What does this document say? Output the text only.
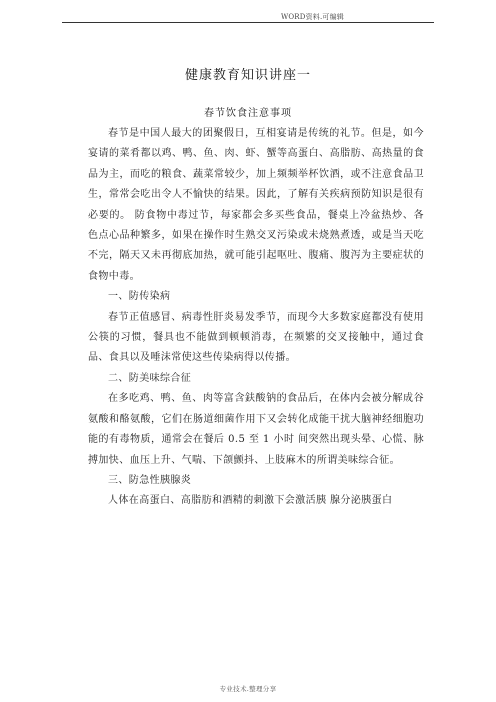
WORD资料.可编辑
健康教育知识讲座一
春节饮食注意事项

春节是中国人最大的团聚假日，互相宴请是传统的礼节。但是，如今宴请的菜肴都以鸡、鸭、鱼、肉、虾、蟹等高蛋白、高脂肪、高热量的食品为主，而吃的粮食、蔬菜常较少，加上频频举杯饮酒，或不注意食品卫生，常常会吃出令人不愉快的结果。因此，了解有关疾病预防知识是很有必要的。 防食物中毒过节，每家都会多买些食品，餐桌上冷盆热炒、各色点心品种繁多，如果在操作时生熟交叉污染或未烧熟煮透，或是当天吃不完，隔天又未再彻底加热，就可能引起呕吐、腹痛、腹泻为主要症状的食物中毒。

一、防传染病

春节正值感冒、病毒性肝炎易发季节，而现今大多数家庭都没有使用公筷的习惯，餐具也不能做到顿顿消毒，在频繁的交叉接触中，通过食品、食具以及唾沫常使这些传染病得以传播。

二、防美味综合征

在多吃鸡、鸭、鱼、肉等富含鈇酸钠的食品后，在体内会被分解成谷氨酸和酪氨酸，它们在肠道细菌作用下又会转化成能干扰大脑神经细胞功能的有毒物质，通常会在餐后 0.5 至 1 小时 间突然出现头晕、心慌、脉搏加快、血压上升、气喘、下颌颤抖、上肢麻木的所谓美味综合征。

三、防急性胰腺炎

人体在高蛋白、高脂肪和酒精的刺激下会激活胰 腺分泌胰蛋白

专业技术.整理分享
